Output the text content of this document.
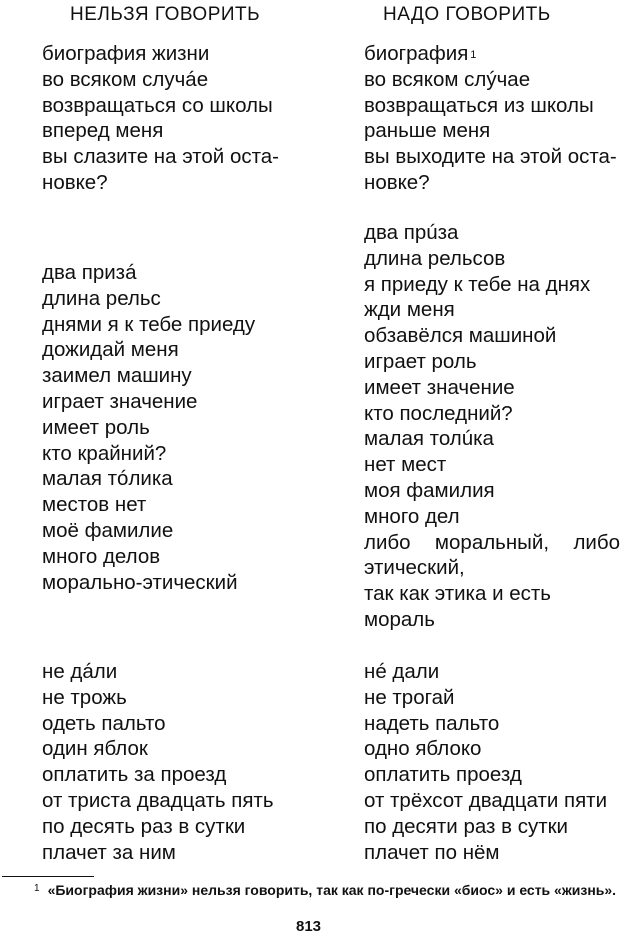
НЕЛЬЗЯ ГОВОРИТЬ	НАДО ГОВОРИТЬ
биография жизни
во всяком случáе
возвращаться со школы
вперед меня
вы слазите на этой оста-
новке?
биография $^1$
во всяком слýчае
возвращаться из школы
раньше меня
вы выходите на этой оста-
новке?
два призá
длина рельс
днями я к тебе приеду
дожидай меня
заимел машину
играет значение
имеет роль
кто крайний?
малая тóлика
местов нет
моё фамилие
много делов
морально-этический
два прúза
длина рельсов
я приеду к тебе на днях
жди меня
обзавёлся машиной
играет роль
имеет значение
кто последний?
малая толúка
нет мест
моя фамилия
много дел
либо моральный, либо
этический,
так как этика и есть
мораль
не дáли
не трожь
одеть пальто
один яблок
оплатить за проезд
от триста двадцать пять
по десять раз в сутки
плачет за ним
нé дали
не трогай
надеть пальто
одно яблоко
оплатить проезд
от трёхсот двадцати пяти
по десяти раз в сутки
плачет по нём
$^1$ «Биография жизни» нельзя говорить, так как по-гречески «биос» и есть «жизнь».
813
